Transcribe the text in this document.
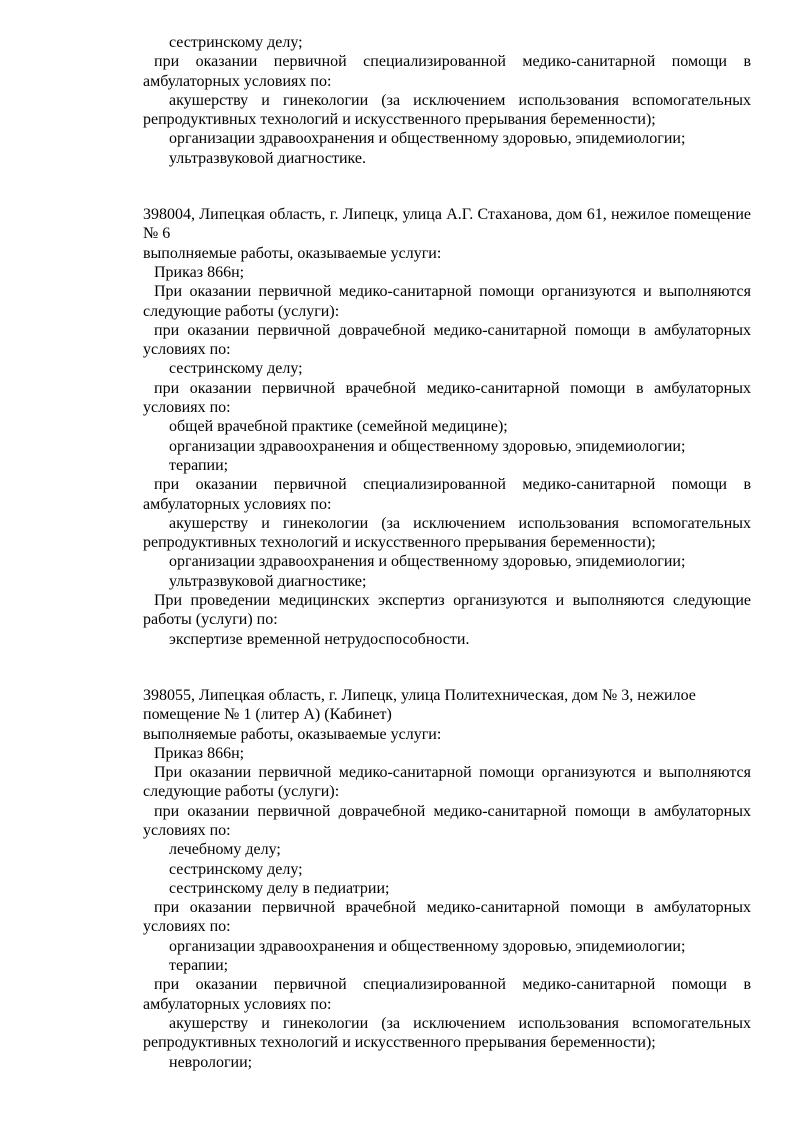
сестринскому делу;

при оказании первичной специализированной медико-санитарной помощи в амбулаторных условиях по:

акушерству и гинекологии (за исключением использования вспомогательных репродуктивных технологий и искусственного прерывания беременности);

организации здравоохранения и общественному здоровью, эпидемиологии;

ультразвуковой диагностике.

398004, Липецкая область, г. Липецк, улица А.Г. Стаханова, дом 61, нежилое помещение № 6

выполняемые работы, оказываемые услуги:

Приказ 866н;

При оказании первичной медико-санитарной помощи организуются и выполняются следующие работы (услуги):

при оказании первичной доврачебной медико-санитарной помощи в амбулаторных условиях по:

сестринскому делу;

при оказании первичной врачебной медико-санитарной помощи в амбулаторных условиях по:

общей врачебной практике (семейной медицине);

организации здравоохранения и общественному здоровью, эпидемиологии;

терапии;

при оказании первичной специализированной медико-санитарной помощи в амбулаторных условиях по:

акушерству и гинекологии (за исключением использования вспомогательных репродуктивных технологий и искусственного прерывания беременности);

организации здравоохранения и общественному здоровью, эпидемиологии;

ультразвуковой диагностике;

При проведении медицинских экспертиз организуются и выполняются следующие работы (услуги) по:

экспертизе временной нетрудоспособности.

398055, Липецкая область, г. Липецк, улица Политехническая, дом № 3, нежилое помещение № 1 (литер А) (Кабинет)

выполняемые работы, оказываемые услуги:

Приказ 866н;

При оказании первичной медико-санитарной помощи организуются и выполняются следующие работы (услуги):

при оказании первичной доврачебной медико-санитарной помощи в амбулаторных условиях по:

лечебному делу;

сестринскому делу;

сестринскому делу в педиатрии;

при оказании первичной врачебной медико-санитарной помощи в амбулаторных условиях по:

организации здравоохранения и общественному здоровью, эпидемиологии;

терапии;

при оказании первичной специализированной медико-санитарной помощи в амбулаторных условиях по:

акушерству и гинекологии (за исключением использования вспомогательных репродуктивных технологий и искусственного прерывания беременности);

неврологии;
